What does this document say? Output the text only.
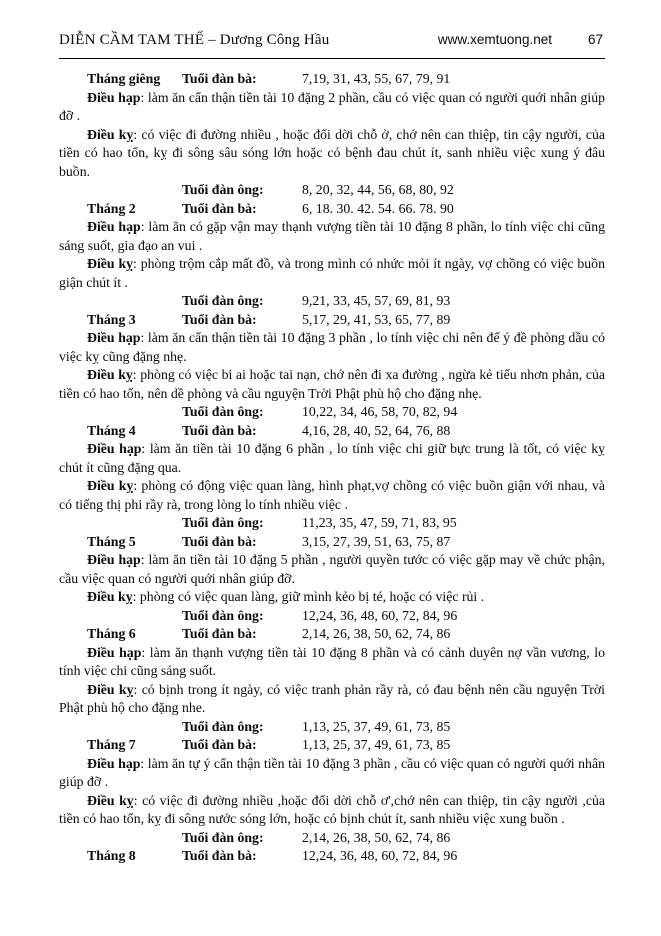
DIỄN CẦM TAM THẾ – Dương Công Hầu	www.xemtuong.net	67
Tháng giêng	Tuổi đàn bà:	7,19, 31, 43, 55, 67, 79, 91

Điều hạp: làm ăn cẩn thận tiền tài 10 đặng 2 phần, cầu có việc quan có người quới nhân giúp đỡ .

Điều kỵ: có việc đi đường nhiều , hoặc đổi dời chỗ ở, chớ nên can thiệp, tin cậy người, của tiền có hao tổn, kỵ đi sông sâu sóng lớn hoặc có bệnh đau chút ít, sanh nhiều việc xung ý đâu buồn.

Tuổi đàn ông:	8, 20, 32, 44, 56, 68, 80, 92
Tháng 2	Tuổi đàn bà:	6, 18. 30. 42. 54. 66. 78. 90

Điều hạp: làm ăn có gặp vận may thạnh vượng tiền tài 10 đặng 8 phần, lo tính việc chi cũng sáng suốt, gia đạo an vui .

Điều kỵ: phòng trộm cắp mất đồ, và trong mình có nhức mỏi ít ngày, vợ chồng có việc buồn giận chút ít .

Tuổi đàn ông:	9,21, 33, 45, 57, 69, 81, 93
Tháng 3	Tuổi đàn bà:	5,17, 29, 41, 53, 65, 77, 89

Điều hạp: làm ăn cẩn thận tiền tài 10 đặng 3 phần , lo tính việc chi nên để ý đề phòng dầu có việc kỵ cũng đặng nhẹ.

Điều kỵ: phòng có việc bi ai hoặc tai nạn, chớ nên đi xa đường , ngừa kẻ tiểu nhơn phản, của tiền có hao tốn, nên dề phòng và cầu nguyện Trời Phật phù hộ cho đặng nhẹ.

Tuổi đàn ông:	10,22, 34, 46, 58, 70, 82, 94
Tháng 4	Tuổi đàn bà:	4,16, 28, 40, 52, 64, 76, 88

Điều hạp: làm ăn tiền tài 10 đặng 6 phần , lo tính việc chi giữ bực trung là tốt, có việc kỵ chút ít cũng đặng qua.

Điều kỵ: phòng có động việc quan làng, hình phạt,vợ chồng có việc buồn giận với nhau, và có tiếng thị phi rầy rà, trong lòng lo tính nhiều việc .

Tuổi đàn ông:	11,23, 35, 47, 59, 71, 83, 95
Tháng 5	Tuổi đàn bà:	3,15, 27, 39, 51, 63, 75, 87

Điều hạp: làm ăn tiền tài 10 đặng 5 phần , người quyền tước có việc gặp may về chức phận, cầu việc quan có người quới nhân giúp đỡ.

Điều kỵ: phòng có việc quan làng, giữ mình kẻo bị té, hoặc có việc rủi .

Tuổi đàn ông:	12,24, 36, 48, 60, 72, 84, 96
Tháng 6	Tuổi đàn bà:	2,14, 26, 38, 50, 62, 74, 86

Điều hạp: làm ăn thạnh vượng tiền tài 10 đặng 8 phần và có cảnh duyên nợ vần vương, lo tính việc chi cũng sáng suốt.

Điều kỵ: có bịnh trong ít ngày, có việc tranh phản rầy rà, có đau bệnh nên cầu nguyện Trời Phật phù hộ cho đặng nhe.

Tuổi đàn ông:	1,13, 25, 37, 49, 61, 73, 85
Tháng 7	Tuổi đàn bà:	1,13, 25, 37, 49, 61, 73, 85

Điều hạp: làm ăn tự ý cẩn thận tiền tài 10 đặng 3 phần , cầu có việc quan có người quới nhân giúp đỡ .

Điều kỵ: có việc đi đường nhiều ,hoặc đổi dời chỗ ơ',chớ nên can thiệp, tin cậy người ,của tiền có hao tổn, kỵ đi sông nước sóng lớn, hoặc có bịnh chút ít, sanh nhiều việc xung buồn .

Tuổi đàn ông:	2,14, 26, 38, 50, 62, 74, 86
Tháng 8	Tuổi đàn bà:	12,24, 36, 48, 60, 72, 84, 96
